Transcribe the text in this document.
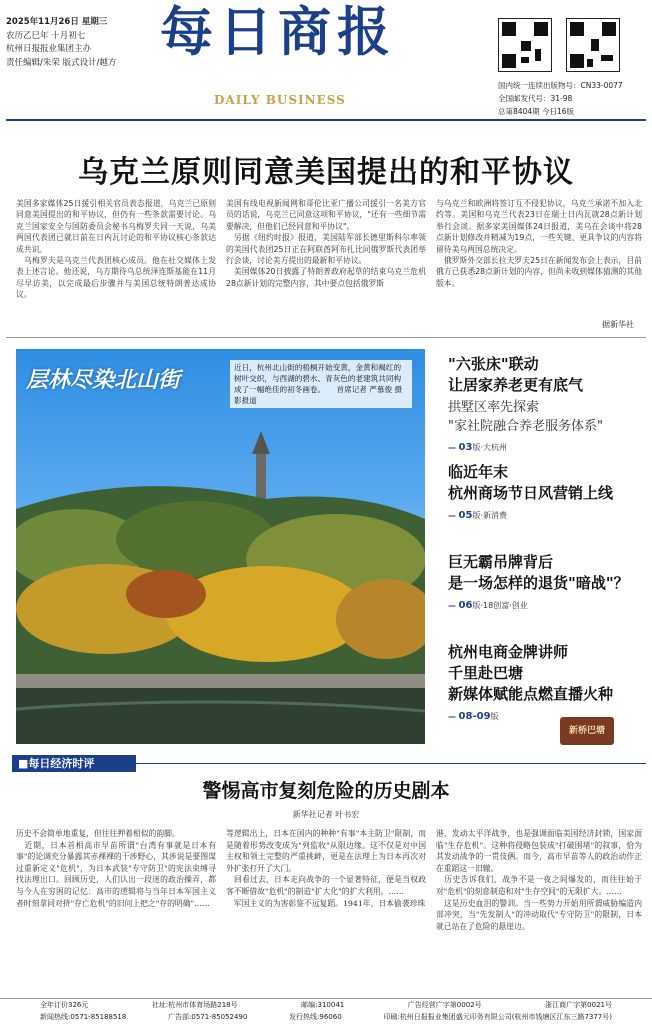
2025年11月26日 星期三
农历乙巳年 十月初七
杭州日报报业集团主办
责任编辑/朱荣 版式设计/越方 每日商报
DAILY BUSINESS
国内统一连续出版物号：CN33-0077
全国邮发代号：31-98
总第8404期 今日16版
乌克兰原则同意美国提出的和平协议
美国多家媒体25日援引相关官员表态报道，乌克兰已原则同意美国提出的和平协议，但仍有一些条款需要讨论。乌克兰国家安全与国防委员会秘书乌梅罗夫同一天说，乌美两国代表团已就日前在日内瓦讨论的和平协议核心条款达成共识。
　乌梅罗夫是乌克兰代表团核心成员。他在社交媒体上发表上述言论。他还说，乌方期待乌总统泽连斯基能在11月尽早访美，以完成最后步骤并与美国总统特朗普达成协议。
美国有线电视新闻网和哥伦比亚广播公司援引一名美方官员的话说，乌克兰已同意这项和平协议，"还有一些细节需要解决，但他们已经同意和平协议"。
　另据《纽约时报》报道，美国陆军部长德里斯科尔率领的美国代表团25日正在阿联酋阿布扎比同俄罗斯代表团举行会谈，讨论美方提出的最新和平协议。
　美国媒体20日披露了特朗普政府起草的结束乌克兰危机28点新计划的完整内容，其中要点包括俄罗斯
与乌克兰和欧洲将签订互不侵犯协议，乌克兰承诺不加入北约等。美国和乌克兰代表23日在瑞士日内瓦就28点新计划举行会谈。据多家美国媒体24日报道，美乌在会谈中将28点新计划修改并精减为19点，一些关键、更具争议的内容将留待美乌两国总统决定。
　俄罗斯外交部长拉夫罗夫25日在新闻发布会上表示，目前俄方已获悉28点新计划的内容，但尚未收到媒体猜测的其他版本。
据新华社
层林尽染北山街
近日，杭州北山街的梧桐开始变黄，金黄和褐红的树叶交织，与西湖的碧水、青灰色的老建筑共同构成了一幅绝佳的初冬画卷。　　首席记者 严慕俊 摄影报道
"六张床"联动
让居家养老更有底气
拱墅区率先探索
"家社院融合养老服务体系"
— 03版·大杭州
临近年末
杭州商场节日风营销上线
— 05版·新消费
巨无霸吊牌背后
是一场怎样的退货"暗战"？
— 06版·18创富·创业
杭州电商金牌讲师
千里赴巴塘
新媒体赋能点燃直播火种
— 08-09版
新桥巴塘
■每日经济时评
警惕高市复刻危险的历史剧本
新华社记者 叶书宏
历史不会简单地重复，但往往押着相似的韵脚。
　近期，日本首相高市早苗所谓"台湾有事就是日本有事"的论调充分暴露其赤裸裸的干涉野心，其涉说是要图谋过重新定义"危机"，为日本武装"专守防卫"的宪法束缚寻找法理出口。回顾历史，人们认出一段迷的政治操弄，都与今人在穷困的记忆：高市的逻辑将与当年日本军国主义者时刻拿同对挤"存亡危机"的旧问上把之"存的明确"……
等逻辑出上，日本在国内的种种"有事"本主防卫"限制，而是随着形势改变成为"列监收"从限边缘。这不仅是对中国主权和领土完整的严重挑衅，更是在法理上为日本再次对外扩张打开了大门。
　回看过去，日本走向战争的一个显著特征，便是当权政客不断借故"危机"的制造"扩大化"的扩大利用。……
　军国主义的为害彰鉴不远复蹈。1941年，日本偷袭珍珠
港，发动太平洋战争，也是强调面临美国经济封锁，国家面临"生存危机"。这种将侵略包装成"打破围堵"的叙事，恰为其发动战争的一贯伎俩。而今，高市早苗等人的政治动作正在重蹈这一旧辙。
　历史告诉我们，战争不是一夜之间爆发的，而往往始于对"危机"的刻意制造和对"生存空间"的无限扩大。……
　这是历史血泪的警训。当一些势力开始用所谓威胁编造内部冲突，当"先发制人"的冲动取代"专守防卫"的限制，日本就已站在了危险的悬崖边。
全年订价326元	社址:杭州市体育场路218号	邮编:310041	广告经营广字第0002号	浙江商广字第0021号
新闻热线:0571-85188518	广告部:0571-85052490	发行热线:96060	印刷:杭州日报报业集团盛元印务有限公司(杭州市钱塘区江东三路7377号)
